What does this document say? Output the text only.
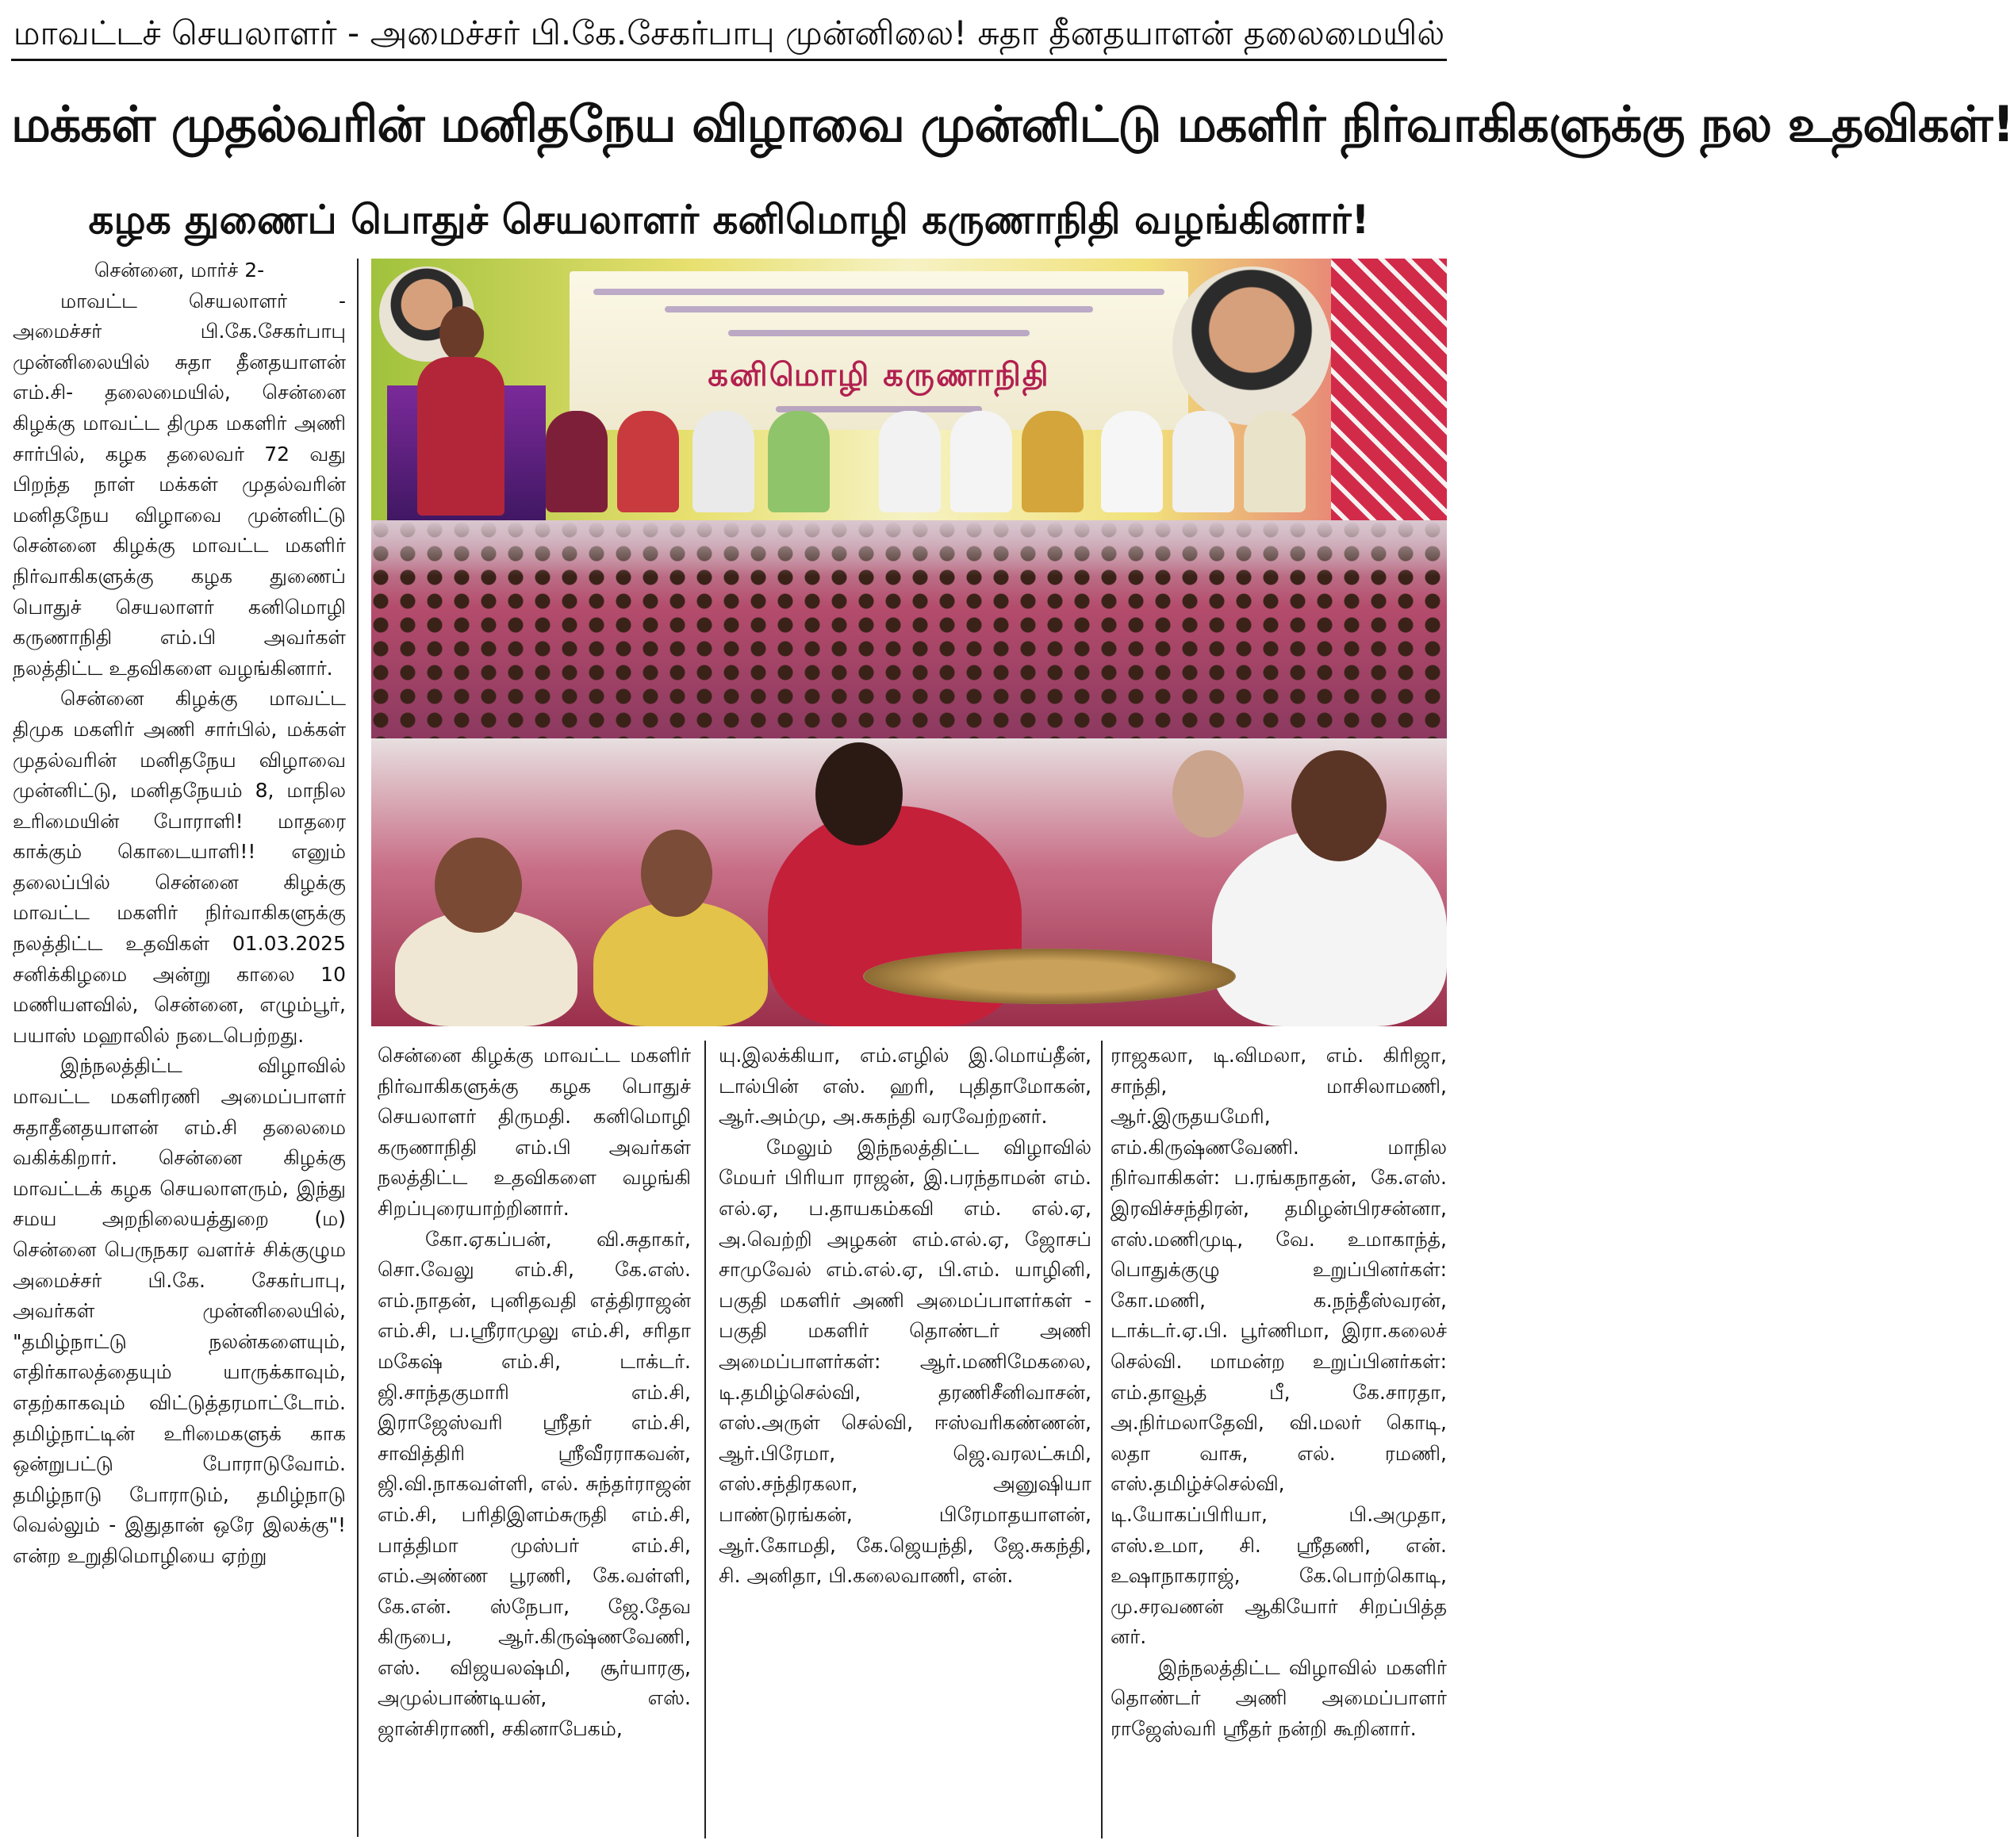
மாவட்டச் செயலாளர் - அமைச்சர் பி.கே.சேகர்பாபு முன்னிலை! சுதா தீனதயாளன் தலைமையில்
மக்கள் முதல்வரின் மனிதநேய விழாவை முன்னிட்டு மகளிர் நிர்வாகிகளுக்கு நல உதவிகள்!
கழக துணைப் பொதுச் செயலாளர் கனிமொழி கருணாநிதி வழங்கினார்!
கனிமொழி கருணாநிதி

சென்னை, மார்ச் 2-

மாவட்ட செயலாளர் - அமைச்சர் பி.கே.சேகர்பாபு முன்னிலையில் சுதா தீனதயாளன் எம்.சி- தலைமையில், சென்னை கிழக்கு மாவட்ட திமுக மகளிர் அணி சார்பில், கழக தலைவர் 72 வது பிறந்த நாள் மக்கள் முதல்வரின் மனிதநேய விழாவை முன்னிட்டு சென்னை கிழக்கு மாவட்ட மகளிர் நிர்வாகிகளுக்கு கழக துணைப் பொதுச் செயலாளர் கனிமொழி கருணாநிதி எம்.பி அவர்கள் நலத்திட்ட உதவிகளை வழங்கினார்.

சென்னை கிழக்கு மாவட்ட திமுக மகளிர் அணி சார்பில், மக்கள் முதல்வரின் மனிதநேய விழாவை முன்னிட்டு, மனிதநேயம் 8, மாநில உரிமையின் போராளி! மாதரை காக்கும் கொடையாளி!! எனும் தலைப்பில் சென்னை கிழக்கு மாவட்ட மகளிர் நிர்வாகிகளுக்கு நலத்திட்ட உதவிகள் 01.03.2025 சனிக்கிழமை அன்று காலை 10 மணியளவில், சென்னை, எழும்பூர், பயாஸ் மஹாலில் நடைபெற்றது.

இந்நலத்திட்ட விழாவில் மாவட்ட மகளிரணி அமைப்பாளர் சுதாதீனதயாளன் எம்.சி தலைமை வகிக்கிறார். சென்னை கிழக்கு மாவட்டக் கழக செயலாளரும், இந்து சமய அறநிலையத்துறை (ம) சென்னை பெருநகர வளர்ச் சிக்குழும அமைச்சர் பி.கே. சேகர்பாபு, அவர்கள் முன்னிலையில், "தமிழ்நாட்டு நலன்களையும், எதிர்காலத்தையும் யாருக்காவும், எதற்காகவும் விட்டுத்தரமாட்டோம். தமிழ்நாட்டின் உரிமைகளுக் காக ஒன்றுபட்டு போராடுவோம். தமிழ்நாடு போராடும், தமிழ்நாடு வெல்லும் - இதுதான் ஒரே இலக்கு"! என்ற உறுதிமொழியை ஏற்று

சென்னை கிழக்கு மாவட்ட மகளிர் நிர்வாகிகளுக்கு கழக பொதுச் செயலாளர் திருமதி. கனிமொழி கருணாநிதி எம்.பி அவர்கள் நலத்திட்ட உதவிகளை வழங்கி சிறப்புரையாற்றினார்.

கோ.ஏகப்பன், வி.சுதாகர், சொ.வேலு எம்.சி, கே.எஸ். எம்.நாதன், புனிதவதி எத்திராஜன் எம்.சி, ப.ஸ்ரீராமுலு எம்.சி, சரிதா மகேஷ் எம்.சி, டாக்டர். ஜி.சாந்தகுமாரி எம்.சி, இராஜேஸ்வரி ஸ்ரீதர் எம்.சி, சாவித்திரி ஸ்ரீவீரராகவன், ஜி.வி.நாகவள்ளி, எல். சுந்தர்ராஜன் எம்.சி, பரிதிஇளம்சுருதி எம்.சி, பாத்திமா முஸ்பர் எம்.சி, எம்.அண்ண பூரணி, கே.வள்ளி, கே.என். ஸ்நேபா, ஜே.தேவ கிருபை, ஆர்.கிருஷ்ணவேணி, எஸ். விஜயலஷ்மி, சூர்யாரகு, அமுல்பாண்டியன், எஸ். ஜான்சிராணி, சகினாபேகம்,

யு.இலக்கியா, எம்.எழில் இ.மொய்தீன், டால்பின் எஸ். ஹரி, புதிதாமோகன், ஆர்.அம்மு, அ.சுகந்தி வரவேற்றனர்.

மேலும் இந்நலத்திட்ட விழாவில் மேயர் பிரியா ராஜன், இ.பரந்தாமன் எம். எல்.ஏ, ப.தாயகம்கவி எம். எல்.ஏ, அ.வெற்றி அழகன் எம்.எல்.ஏ, ஜோசப் சாமுவேல் எம்.எல்.ஏ, பி.எம். யாழினி, பகுதி மகளிர் அணி அமைப்பாளர்கள் - பகுதி மகளிர் தொண்டர் அணி அமைப்பாளர்கள்: ஆர்.மணிமேகலை, டி.தமிழ்செல்வி, தரணிசீனிவாசன், எஸ்.அருள் செல்வி, ஈஸ்வரிகண்ணன், ஆர்.பிரேமா, ஜெ.வரலட்சுமி, எஸ்.சந்திரகலா, அனுஷியா பாண்டுரங்கன், பிரேமாதயாளன், ஆர்.கோமதி, கே.ஜெயந்தி, ஜே.சுகந்தி, சி. அனிதா, பி.கலைவாணி, என்.

ராஜகலா, டி.விமலா, எம். கிரிஜா, சாந்தி, மாசிலாமணி, ஆர்.இருதயமேரி, எம்.கிருஷ்ணவேணி. மாநில நிர்வாகிகள்: ப.ரங்கநாதன், கே.எஸ். இரவிச்சந்திரன், தமிழன்பிரசன்னா, எஸ்.மணிமுடி, வே. உமாகாந்த், பொதுக்குழு உறுப்பினர்கள்: கோ.மணி, க.நந்தீஸ்வரன், டாக்டர்.ஏ.பி. பூர்ணிமா, இரா.கலைச் செல்வி. மாமன்ற உறுப்பினர்கள்: எம்.தாவூத் பீ, கே.சாரதா, அ.நிர்மலாதேவி, வி.மலர் கொடி, லதா வாசு, எல். ரமணி, எஸ்.தமிழ்ச்செல்வி, டி.யோகப்பிரியா, பி.அமுதா, எஸ்.உமா, சி. ஸ்ரீதணி, என். உஷாநாகராஜ், கே.பொற்கொடி, மு.சரவணன் ஆகியோர் சிறப்பித்த னர்.

இந்நலத்திட்ட விழாவில் மகளிர் தொண்டர் அணி அமைப்பாளர் ராஜேஸ்வரி ஸ்ரீதர் நன்றி கூறினார்.
